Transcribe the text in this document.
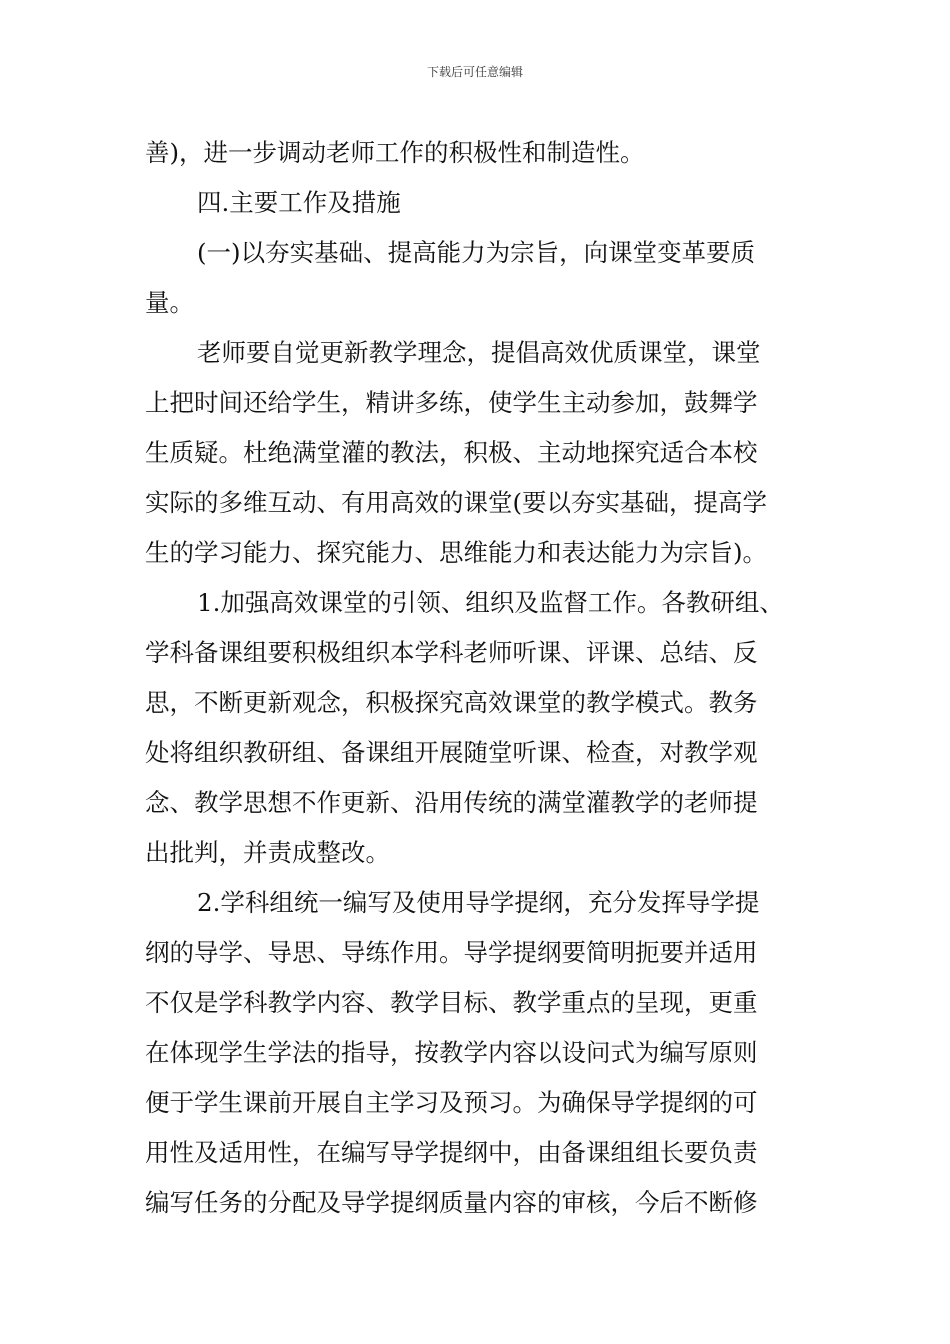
下载后可任意编辑
善)，进一步调动老师工作的积极性和制造性。
四.主要工作及措施
(一)以夯实基础、提高能力为宗旨，向课堂变革要质
量。
老师要自觉更新教学理念，提倡高效优质课堂，课堂
上把时间还给学生，精讲多练，使学生主动参加，鼓舞学
生质疑。杜绝满堂灌的教法，积极、主动地探究适合本校
实际的多维互动、有用高效的课堂(要以夯实基础，提高学
生的学习能力、探究能力、思维能力和表达能力为宗旨)。
1.加强高效课堂的引领、组织及监督工作。各教研组、
学科备课组要积极组织本学科老师听课、评课、总结、反
思，不断更新观念，积极探究高效课堂的教学模式。教务
处将组织教研组、备课组开展随堂听课、检查，对教学观
念、教学思想不作更新、沿用传统的满堂灌教学的老师提
出批判，并责成整改。
2.学科组统一编写及使用导学提纲，充分发挥导学提
纲的导学、导思、导练作用。导学提纲要简明扼要并适用
不仅是学科教学内容、教学目标、教学重点的呈现，更重
在体现学生学法的指导，按教学内容以设问式为编写原则
便于学生课前开展自主学习及预习。为确保导学提纲的可
用性及适用性，在编写导学提纲中，由备课组组长要负责
编写任务的分配及导学提纲质量内容的审核，今后不断修
